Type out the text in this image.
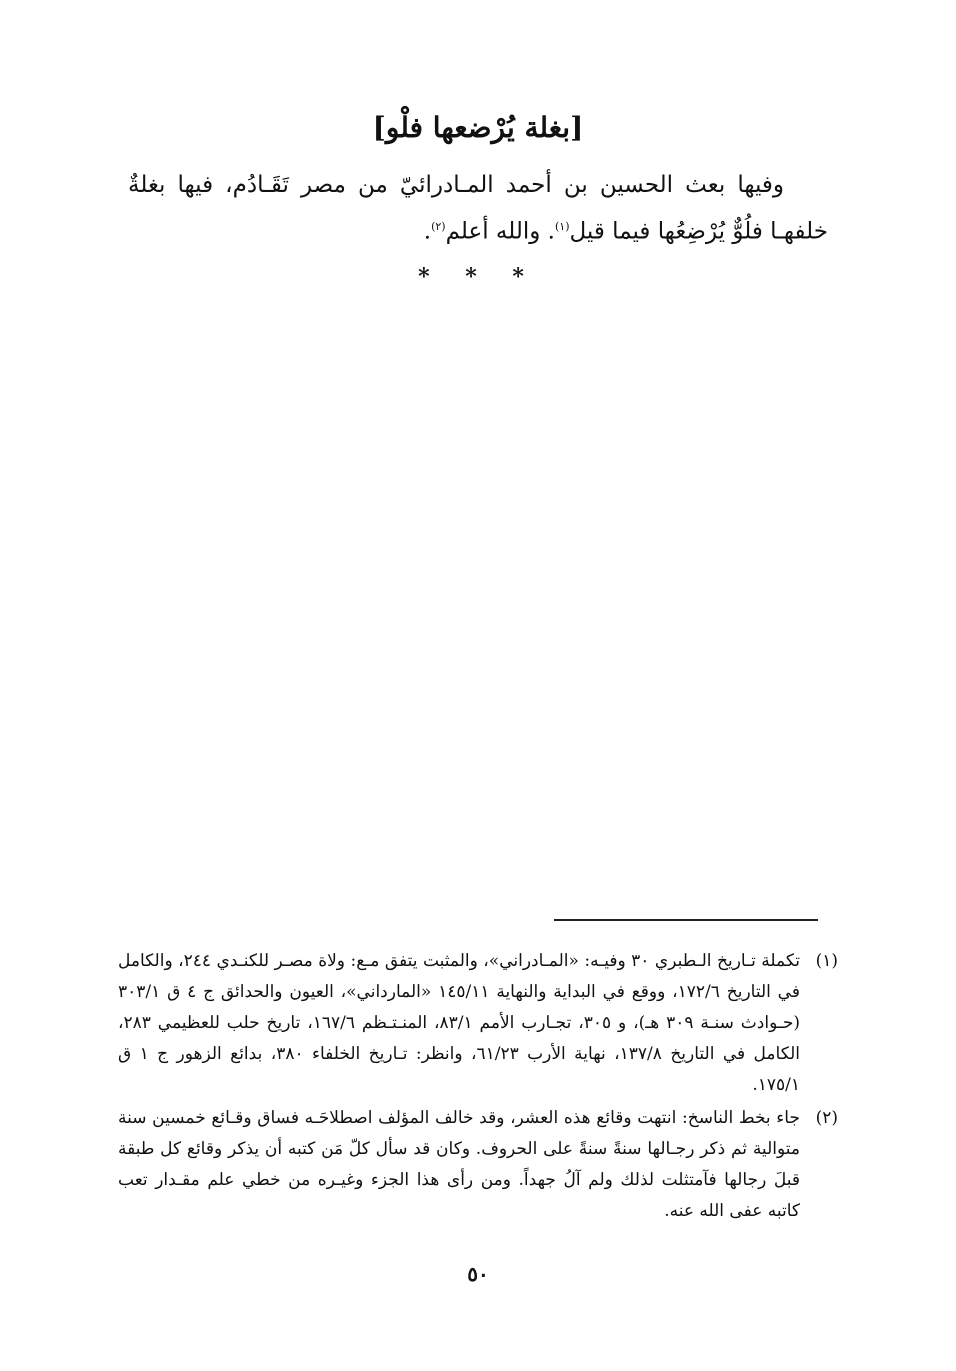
[بغلة يُرْضعها فلْو]

وفيها بعث الحسين بن أحمد المـادرائيّ من مصر تَقَـادُم، فيها بغلةٌ خلفهـا فلُوٌّ يُرْضِعُها فيما قيل$^{(١)}$. والله أعلم$^{(٢)}$.

* * *
(١)
تكملة تـاريخ الـطبري ٣٠ وفيـه: «المـادراني»، والمثبت يتفق مـع: ولاة مصـر للكنـدي ٢٤٤، والكامل في التاريخ ١٧٢/٦، ووقع في البداية والنهاية ١٤٥/١١ «المارداني»، العيون والحدائق ج ٤ ق ٣٠٣/١ (حـوادث سنـة ٣٠٩ هـ)، و ٣٠٥، تجـارب الأمم ٨٣/١، المنـتـظم ١٦٧/٦، تاريخ حلب للعظيمي ٢٨٣، الكامل في التاريخ ١٣٧/٨، نهاية الأرب ٦١/٢٣، وانظر: تـاريخ الخلفاء ٣٨٠، بدائع الزهور ج ١ ق ١٧٥/١.
(٢)
جاء بخط الناسخ: انتهت وقائع هذه العشر، وقد خالف المؤلف اصطلاحَـه فساق وقـائع خمسين سنة متوالية ثم ذكر رجـالها سنةً سنةً على الحروف. وكان قد سأل كلّ مَن كتبه أن يذكر وقائع كل طبقة قبلَ رجالها فآمتثلت لذلك ولم آلُ جهداً. ومن رأى هذا الجزء وغيـره من خطي علم مقـدار تعب كاتبه عفى الله عنه.
٥٠
